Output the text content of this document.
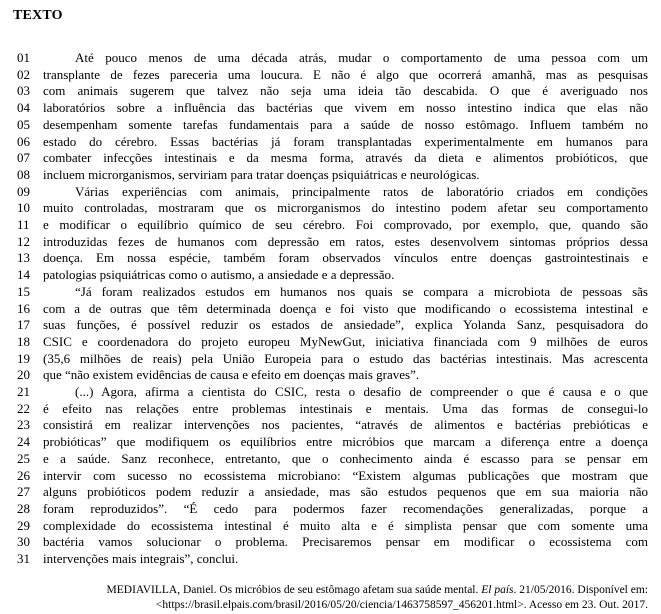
TEXTO
01	Até pouco menos de uma década atrás, mudar o comportamento de uma pessoa com um
02	transplante de fezes pareceria uma loucura. E não é algo que ocorrerá amanhã, mas as pesquisas
03	com animais sugerem que talvez não seja uma ideia tão descabida. O que é averiguado nos
04	laboratórios sobre a influência das bactérias que vivem em nosso intestino indica que elas não
05	desempenham somente tarefas fundamentais para a saúde de nosso estômago. Influem também no
06	estado do cérebro. Essas bactérias já foram transplantadas experimentalmente em humanos para
07	combater infecções intestinais e da mesma forma, através da dieta e alimentos probióticos, que
08	incluem microrganismos, serviriam para tratar doenças psiquiátricas e neurológicas.
09	Várias experiências com animais, principalmente ratos de laboratório criados em condições
10	muito controladas, mostraram que os microrganismos do intestino podem afetar seu comportamento
11	e modificar o equilíbrio químico de seu cérebro. Foi comprovado, por exemplo, que, quando são
12	introduzidas fezes de humanos com depressão em ratos, estes desenvolvem sintomas próprios dessa
13	doença. Em nossa espécie, também foram observados vínculos entre doenças gastrointestinais e
14	patologias psiquiátricas como o autismo, a ansiedade e a depressão.
15	“Já foram realizados estudos em humanos nos quais se compara a microbiota de pessoas sãs
16	com a de outras que têm determinada doença e foi visto que modificando o ecossistema intestinal e
17	suas funções, é possível reduzir os estados de ansiedade”, explica Yolanda Sanz, pesquisadora do
18	CSIC e coordenadora do projeto europeu MyNewGut, iniciativa financiada com 9 milhões de euros
19	(35,6 milhões de reais) pela União Europeia para o estudo das bactérias intestinais. Mas acrescenta
20	que “não existem evidências de causa e efeito em doenças mais graves”.
21	(...) Agora, afirma a cientista do CSIC, resta o desafio de compreender o que é causa e o que
22	é efeito nas relações entre problemas intestinais e mentais. Uma das formas de consegui-lo
23	consistirá em realizar intervenções nos pacientes, “através de alimentos e bactérias prebióticas e
24	probióticas” que modifiquem os equilíbrios entre micróbios que marcam a diferença entre a doença
25	e a saúde. Sanz reconhece, entretanto, que o conhecimento ainda é escasso para se pensar em
26	intervir com sucesso no ecossistema microbiano: “Existem algumas publicações que mostram que
27	alguns probióticos podem reduzir a ansiedade, mas são estudos pequenos que em sua maioria não
28	foram reproduzidos”. “É cedo para podermos fazer recomendações generalizadas, porque a
29	complexidade do ecossistema intestinal é muito alta e é simplista pensar que com somente uma
30	bactéria vamos solucionar o problema. Precisaremos pensar em modificar o ecossistema com
31	intervenções mais integrais”, conclui.
MEDIAVILLA, Daniel. Os micróbios de seu estômago afetam sua saúde mental. El país. 21/05/2016. Disponível em:
<https://brasil.elpais.com/brasil/2016/05/20/ciencia/1463758597_456201.html>. Acesso em 23. Out. 2017.
